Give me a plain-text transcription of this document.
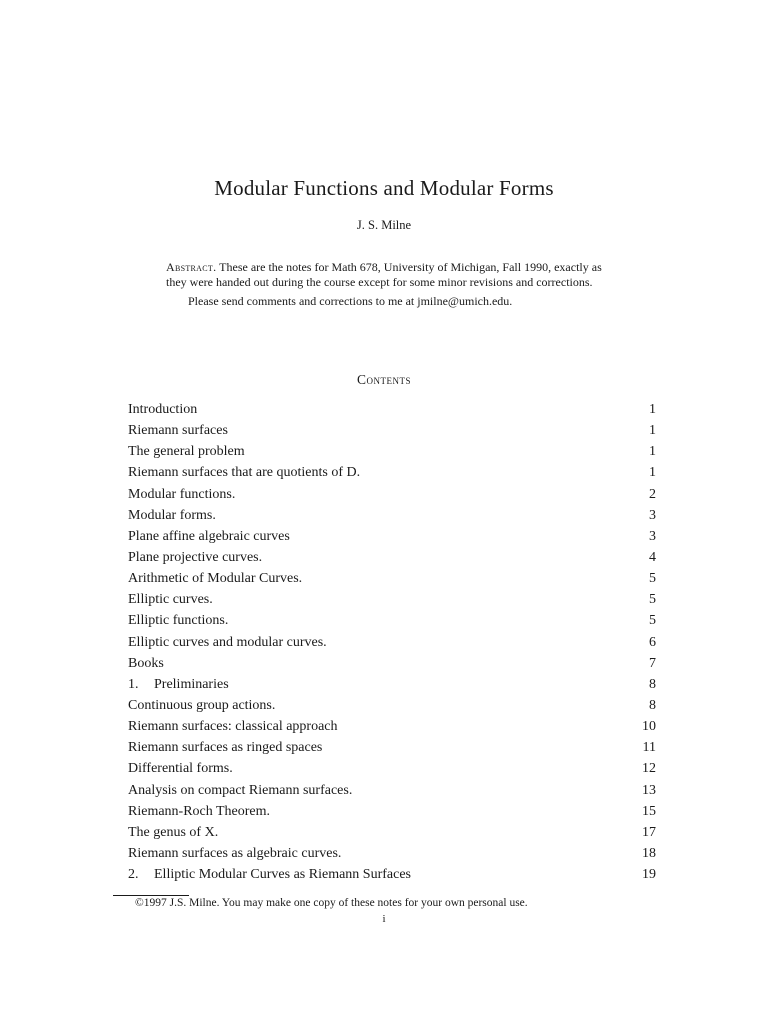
Modular Functions and Modular Forms
J. S. Milne
Abstract. These are the notes for Math 678, University of Michigan, Fall 1990, exactly as they were handed out during the course except for some minor revisions and corrections.
Please send comments and corrections to me at jmilne@umich.edu.
Contents
Introduction	1
Riemann surfaces	1
The general problem	1
Riemann surfaces that are quotients of D.	1
Modular functions.	2
Modular forms.	3
Plane affine algebraic curves	3
Plane projective curves.	4
Arithmetic of Modular Curves.	5
Elliptic curves.	5
Elliptic functions.	5
Elliptic curves and modular curves.	6
Books	7
1. Preliminaries	8
Continuous group actions.	8
Riemann surfaces: classical approach	10
Riemann surfaces as ringed spaces	11
Differential forms.	12
Analysis on compact Riemann surfaces.	13
Riemann-Roch Theorem.	15
The genus of X.	17
Riemann surfaces as algebraic curves.	18
2. Elliptic Modular Curves as Riemann Surfaces	19
©1997 J.S. Milne. You may make one copy of these notes for your own personal use.
i
